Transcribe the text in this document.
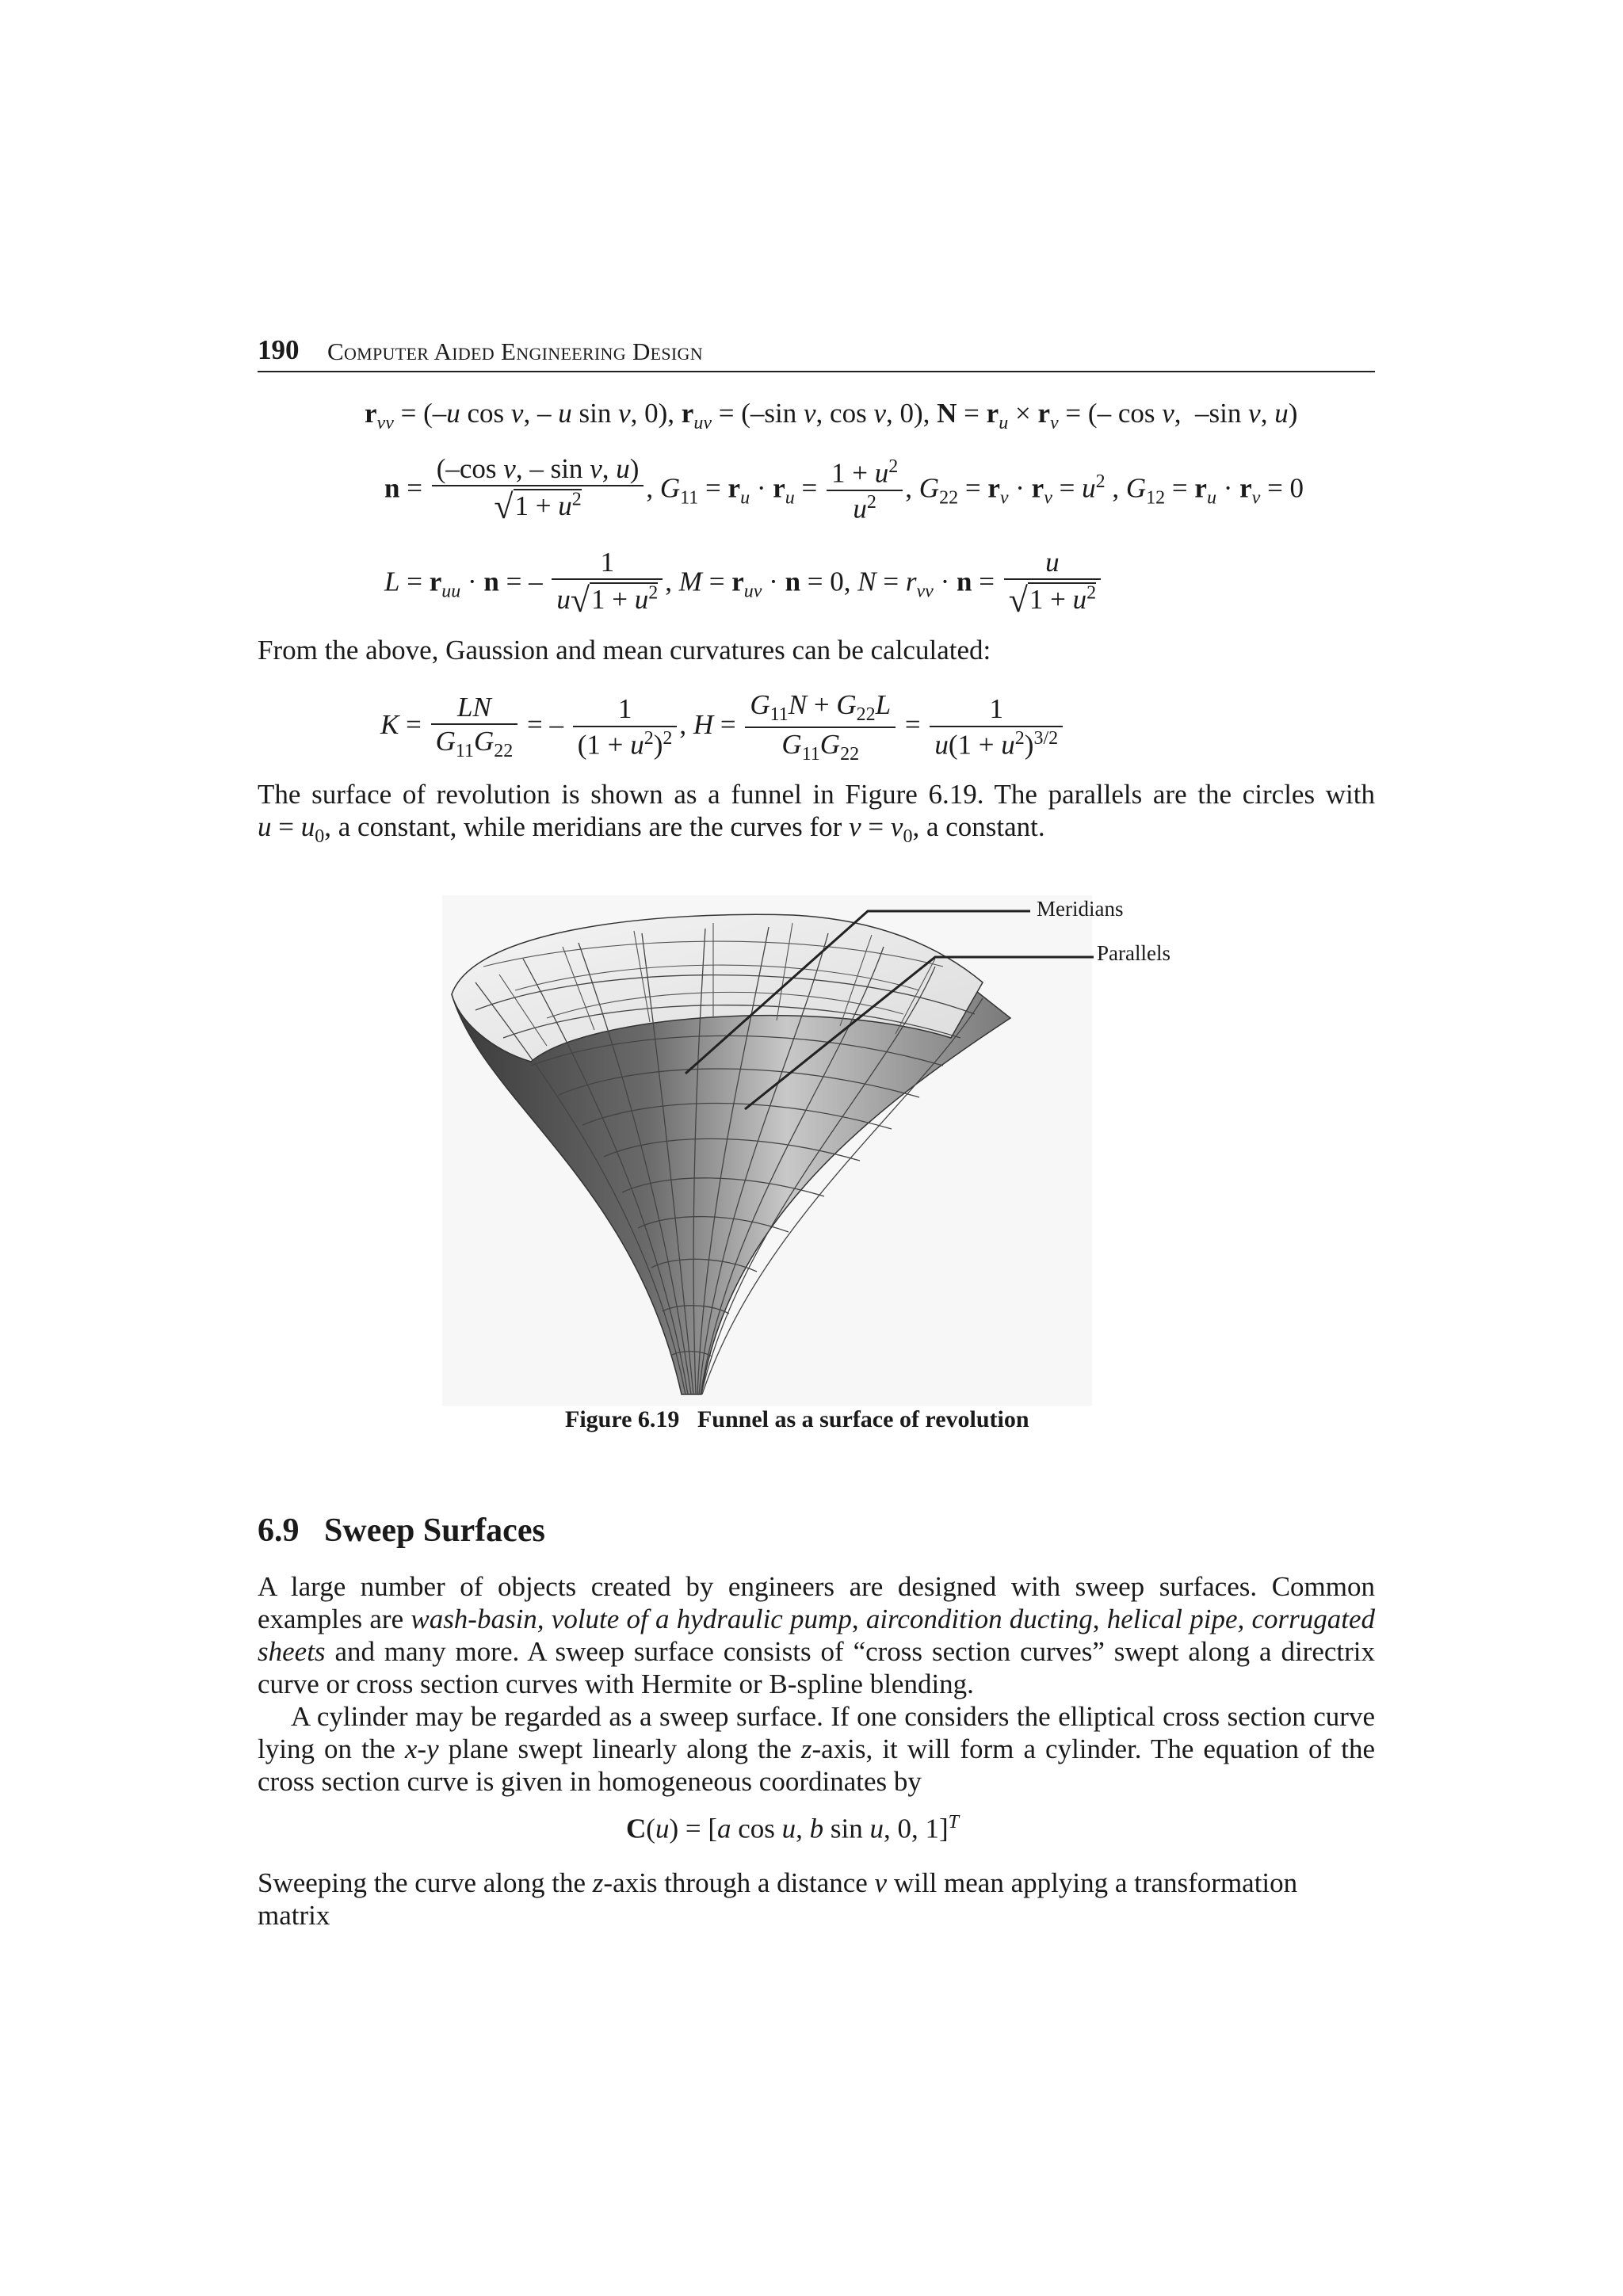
190 Computer Aided Engineering Design
$r_{vv} = (-u$ cos v, – u sin v, 0), $r_{uv} = (-\sin$ v, cos v, 0), $N = r_u \times r_v$ = (– cos v,  –sin v, u)
$n = \frac{\text{(–cos v, – sin v, u)}}{√1 + u^2}$ , $G_{11} = r_u \cdot r_u = \frac{1 + u^2}{u^2}$ , $G_{22} = r_v \cdot r_v = u^2$ , $G_{12} = r_u \cdot r_v = 0$
$L = r_{uu} \cdot n$ = – $\frac{1}{u√1 + u^2}$ , $M = r_{uv} \cdot n = 0$, $N = r_{vv} \cdot n = \frac{u}{√1 + u^2}$
From the above, Gaussion and mean curvatures can be calculated:
$K = \frac{LN}{G_{11}G_{22}}$ = – $\frac{1}{(1 + u^2)^2}$ , $H = \frac{G_{11}N + G_{22}L}{G_{11}G_{22}} = \frac{1}{u(1 + u^2)^{3/2}}$
The surface of revolution is shown as a funnel in Figure 6.19. The parallels are the circles with
$u = u_0$, a constant, while meridians are the curves for $v = v_0$, a constant.
Meridians
Parallels
Figure 6.19 Funnel as a surface of revolution
6.9 Sweep Surfaces
A large number of objects created by engineers are designed with sweep surfaces. Common examples are wash-basin, volute of a hydraulic pump, aircondition ducting, helical pipe, corrugated sheets and many more. A sweep surface consists of “cross section curves” swept along a directrix curve or cross section curves with Hermite or B-spline blending.
A cylinder may be regarded as a sweep surface. If one considers the elliptical cross section curve lying on the x-y plane swept linearly along the z-axis, it will form a cylinder. The equation of the cross section curve is given in homogeneous coordinates by
C(u) = [a cos u, b sin u, 0, 1]$^T$
Sweeping the curve along the z-axis through a distance v will mean applying a transformation matrix
